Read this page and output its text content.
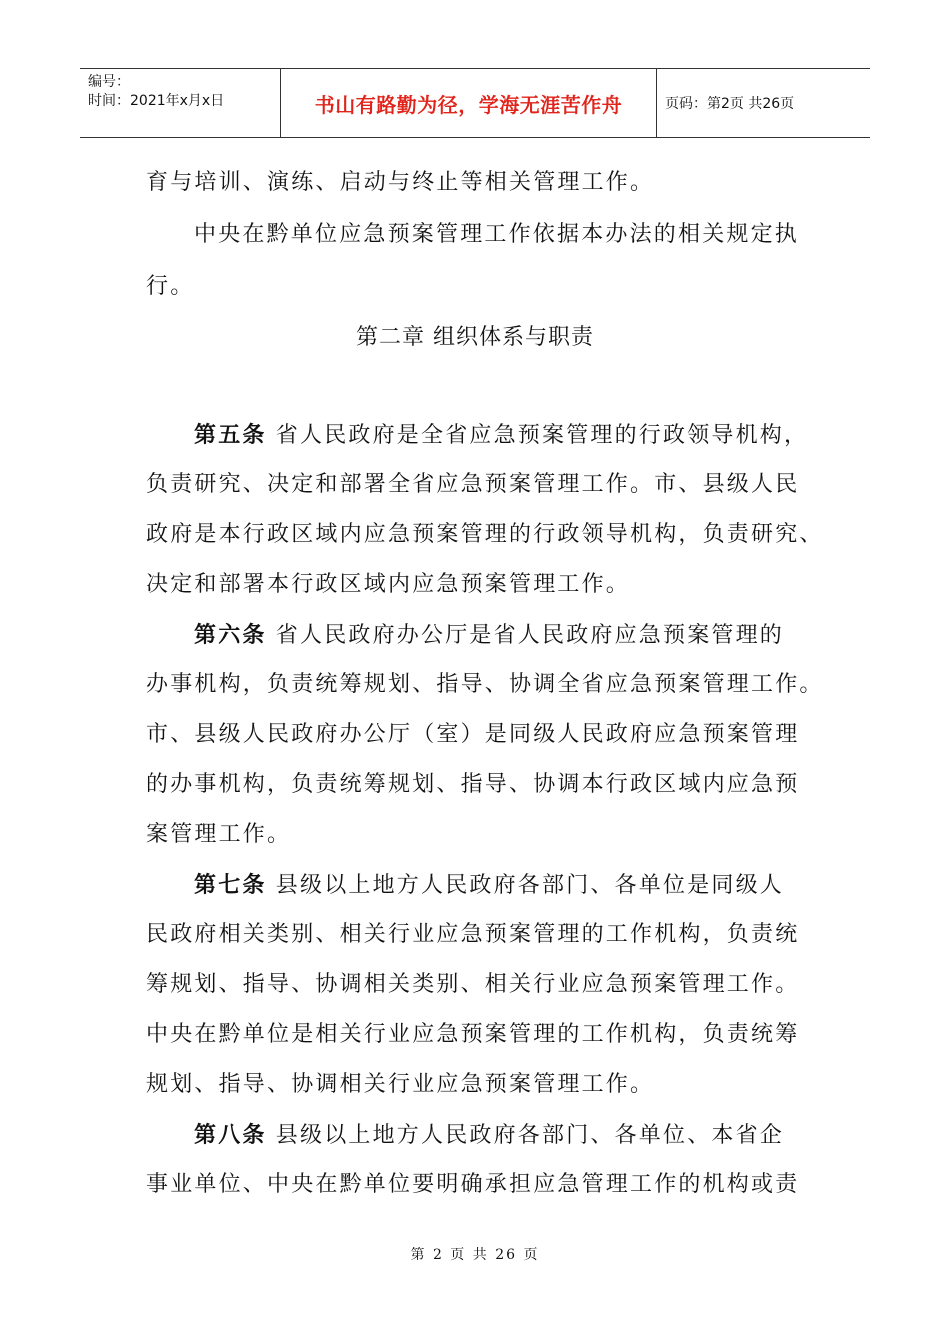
编号：
时间：2021年x月x日	书山有路勤为径，学海无涯苦作舟	页码：第2页 共26页
育与培训、演练、启动与终止等相关管理工作。
中央在黔单位应急预案管理工作依据本办法的相关规定执
行。
第二章 组织体系与职责
第五条 省人民政府是全省应急预案管理的行政领导机构，
负责研究、决定和部署全省应急预案管理工作。市、县级人民
政府是本行政区域内应急预案管理的行政领导机构，负责研究、
决定和部署本行政区域内应急预案管理工作。
第六条 省人民政府办公厅是省人民政府应急预案管理的
办事机构，负责统筹规划、指导、协调全省应急预案管理工作。
市、县级人民政府办公厅（室）是同级人民政府应急预案管理
的办事机构，负责统筹规划、指导、协调本行政区域内应急预
案管理工作。
第七条 县级以上地方人民政府各部门、各单位是同级人
民政府相关类别、相关行业应急预案管理的工作机构，负责统
筹规划、指导、协调相关类别、相关行业应急预案管理工作。
中央在黔单位是相关行业应急预案管理的工作机构，负责统筹
规划、指导、协调相关行业应急预案管理工作。
第八条 县级以上地方人民政府各部门、各单位、本省企
事业单位、中央在黔单位要明确承担应急管理工作的机构或责
第 2 页 共 26 页
